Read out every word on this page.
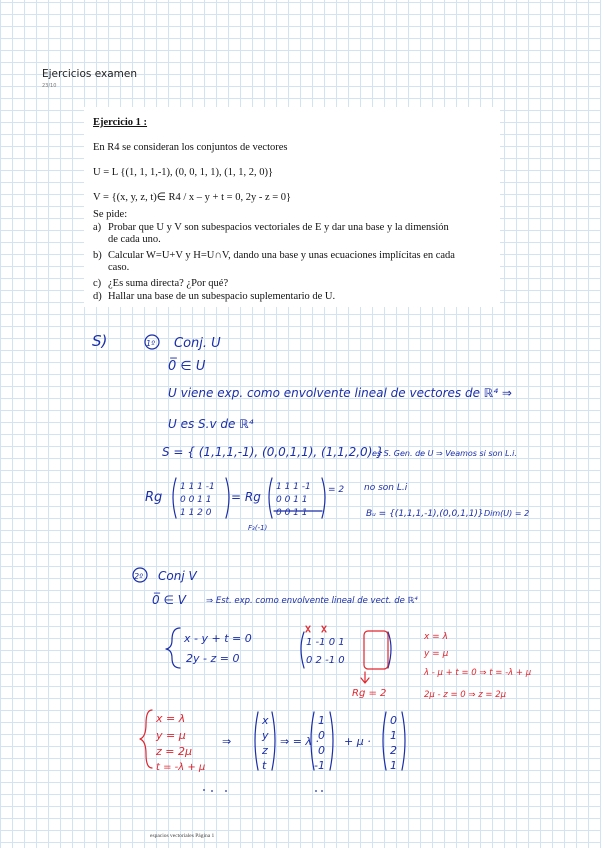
Ejercicios examen
23/10
Ejercicio 1 :
En R4 se consideran los conjuntos de vectores
U = L {(1, 1, 1,-1), (0, 0, 1, 1), (1, 1, 2, 0)}
V = {(x, y, z, t)∈ R4 / x – y + t = 0, 2y - z = 0}
Se pide:
a) Probar que U y V son subespacios vectoriales de E y dar una base y la dimensión
de cada uno.
b) Calcular W=U+V y H=U∩V, dando una base y unas ecuaciones implícitas en cada
caso.
c) ¿Es suma directa? ¿Por qué?
d) Hallar una base de un subespacio suplementario de U.
S)	1º Conj. U
0̅ ∈ U
U viene exp. como envolvente lineal de vectores de ℝ⁴ ⇒
U es S.v de ℝ⁴
S = { (1,1,1,-1), (0,0,1,1), (1,1,2,0) }
es S. Gen. de U ⇒ Veamos si son L.i.
Rg
1 1 1 -1
0 0 1 1
1 1 2 0
= Rg
1 1 1 -1
0 0 1 1
0 0 1 1
= 2
F₃(-1)
no son L.i
Bᵤ = {(1,1,1,-1),(0,0,1,1)} Dim(U) = 2
2º Conj V
0̅ ∈ V ⇒ Est. exp. como envolvente lineal de vect. de ℝ⁴
x - y + t = 0
2y - z = 0
1 -1 0 1
0 2 -1 0
Rg = 2
x = λ
y = μ
λ - μ + t = 0 ⇒ t = -λ + μ
2μ - z = 0 ⇒ z = 2μ
x = λ
y = μ
z = 2μ
t = -λ + μ
⇒
x
y
z
t
⇒ = λ ·
1
0
0
-1
+ μ ·
0
1
2
1
espacios vectoriales Página 1
